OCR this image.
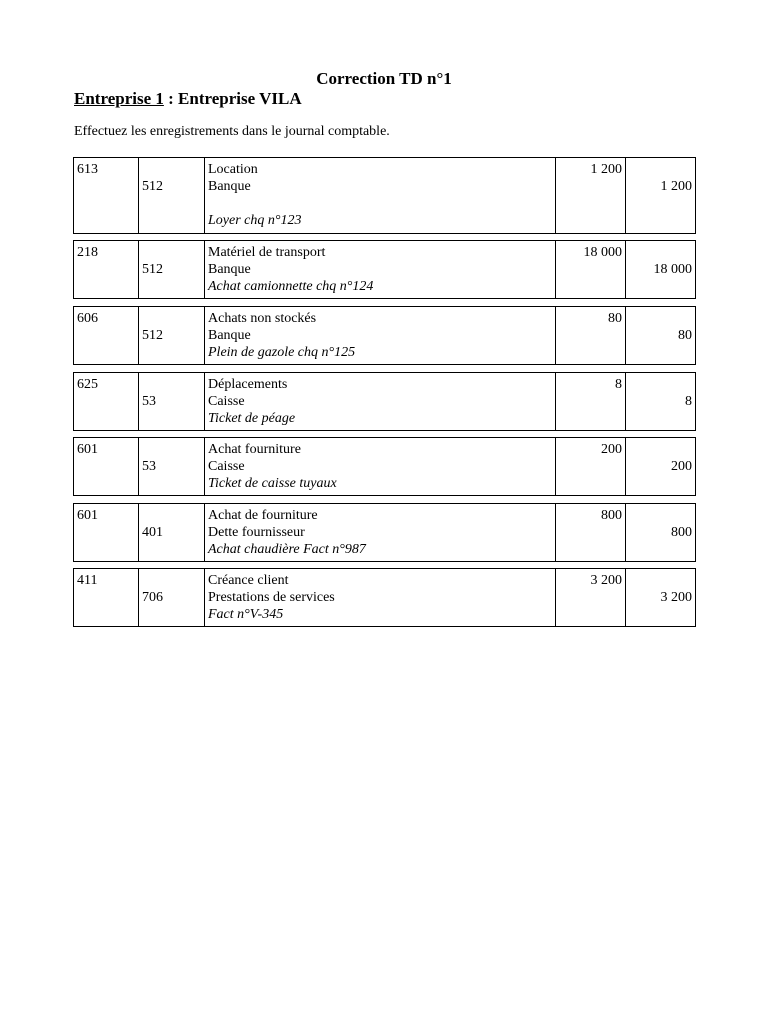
Correction TD n°1
Entreprise 1 : Entreprise VILA
Effectuez les enregistrements dans le journal comptable.
613
512
Location
Banque
Loyer chq n°123
1 200
1 200
218
512
Matériel de transport
Banque
Achat camionnette chq n°124
18 000
18 000
606
512
Achats non stockés
Banque
Plein de gazole chq n°125
80
80
625
53
Déplacements
Caisse
Ticket de péage
8
8
601
53
Achat fourniture
Caisse
Ticket de caisse tuyaux
200
200
601
401
Achat de fourniture
Dette fournisseur
Achat chaudière Fact n°987
800
800
411
706
Créance client
Prestations de services
Fact n°V-345
3 200
3 200
